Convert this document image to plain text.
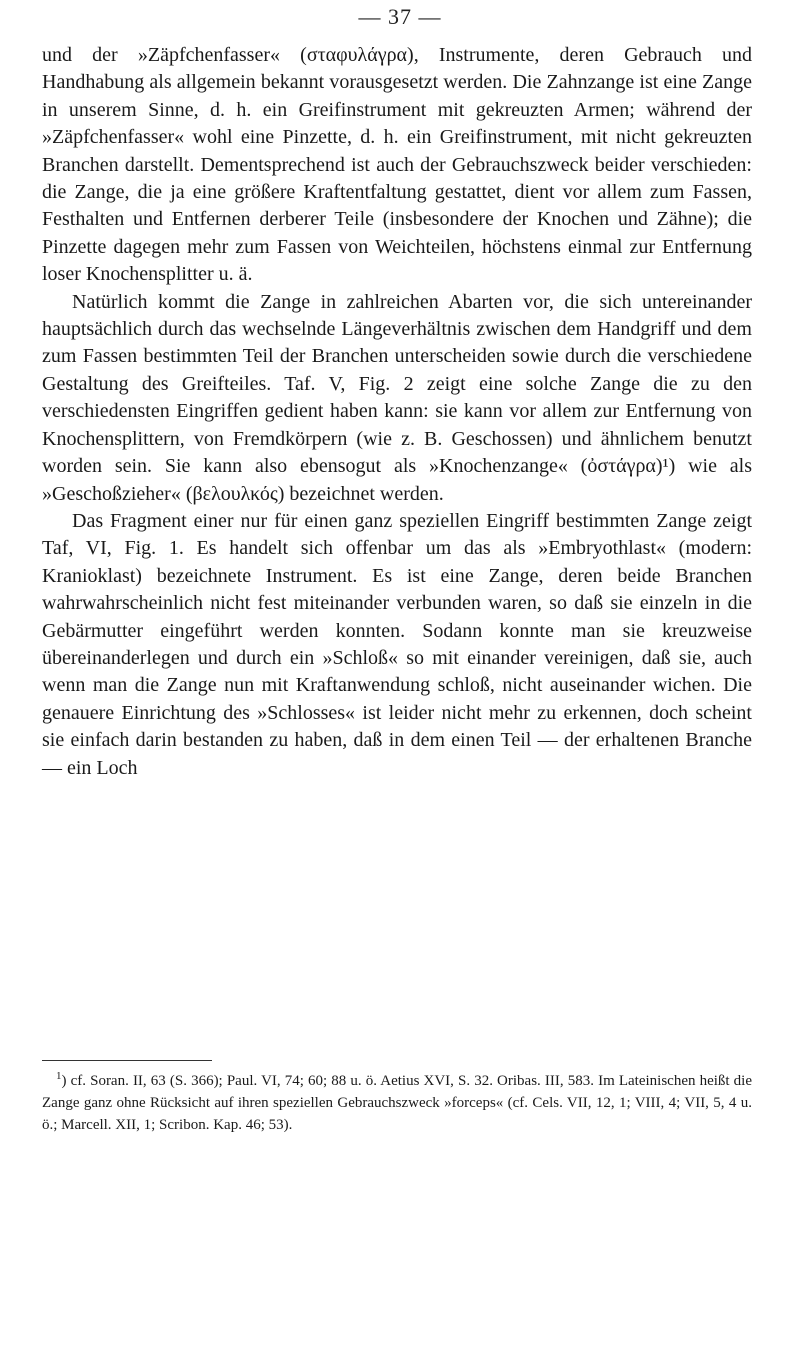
— 37 —

und der »Zäpfchenfasser« (σταφυλάγρα), Instrumente, deren Gebrauch und Handhabung als allgemein bekannt vorausgesetzt werden. Die Zahnzange ist eine Zange in unserem Sinne, d. h. ein Greifinstrument mit gekreuzten Armen; während der »Zäpfchenfasser« wohl eine Pinzette, d. h. ein Greifinstrument, mit nicht gekreuzten Branchen darstellt. Dementsprechend ist auch der Gebrauchszweck beider verschieden: die Zange, die ja eine größere Kraftentfaltung gestattet, dient vor allem zum Fassen, Festhalten und Entfernen derberer Teile (insbesondere der Knochen und Zähne); die Pinzette dagegen mehr zum Fassen von Weichteilen, höchstens einmal zur Entfernung loser Knochensplitter u. ä.

Natürlich kommt die Zange in zahlreichen Abarten vor, die sich untereinander hauptsächlich durch das wechselnde Längeverhältnis zwischen dem Handgriff und dem zum Fassen bestimmten Teil der Branchen unterscheiden sowie durch die verschiedene Gestaltung des Greifteiles. Taf. V, Fig. 2 zeigt eine solche Zange die zu den verschiedensten Eingriffen gedient haben kann: sie kann vor allem zur Entfernung von Knochensplittern, von Fremdkörpern (wie z. B. Geschossen) und ähnlichem benutzt worden sein. Sie kann also ebensogut als »Knochenzange« (ὀστάγρα)¹) wie als »Geschoßzieher« (βελουλκός) bezeichnet werden.

Das Fragment einer nur für einen ganz speziellen Eingriff bestimmten Zange zeigt Taf, VI, Fig. 1. Es handelt sich offenbar um das als »Embryothlast« (modern: Kranioklast) bezeichnete Instrument. Es ist eine Zange, deren beide Branchen wahrwahrscheinlich nicht fest miteinander verbunden waren, so daß sie einzeln in die Gebärmutter eingeführt werden konnten. Sodann konnte man sie kreuzweise übereinanderlegen und durch ein »Schloß« so mit einander vereinigen, daß sie, auch wenn man die Zange nun mit Kraftanwendung schloß, nicht auseinander wichen. Die genauere Einrichtung des »Schlosses« ist leider nicht mehr zu erkennen, doch scheint sie einfach darin bestanden zu haben, daß in dem einen Teil — der erhaltenen Branche — ein Loch

$^1$) cf. Soran. II, 63 (S. 366); Paul. VI, 74; 60; 88 u. ö. Aetius XVI, S. 32. Oribas. III, 583. Im Lateinischen heißt die Zange ganz ohne Rücksicht auf ihren speziellen Gebrauchszweck »forceps« (cf. Cels. VII, 12, 1; VIII, 4; VII, 5, 4 u. ö.; Marcell. XII, 1; Scribon. Kap. 46; 53).
